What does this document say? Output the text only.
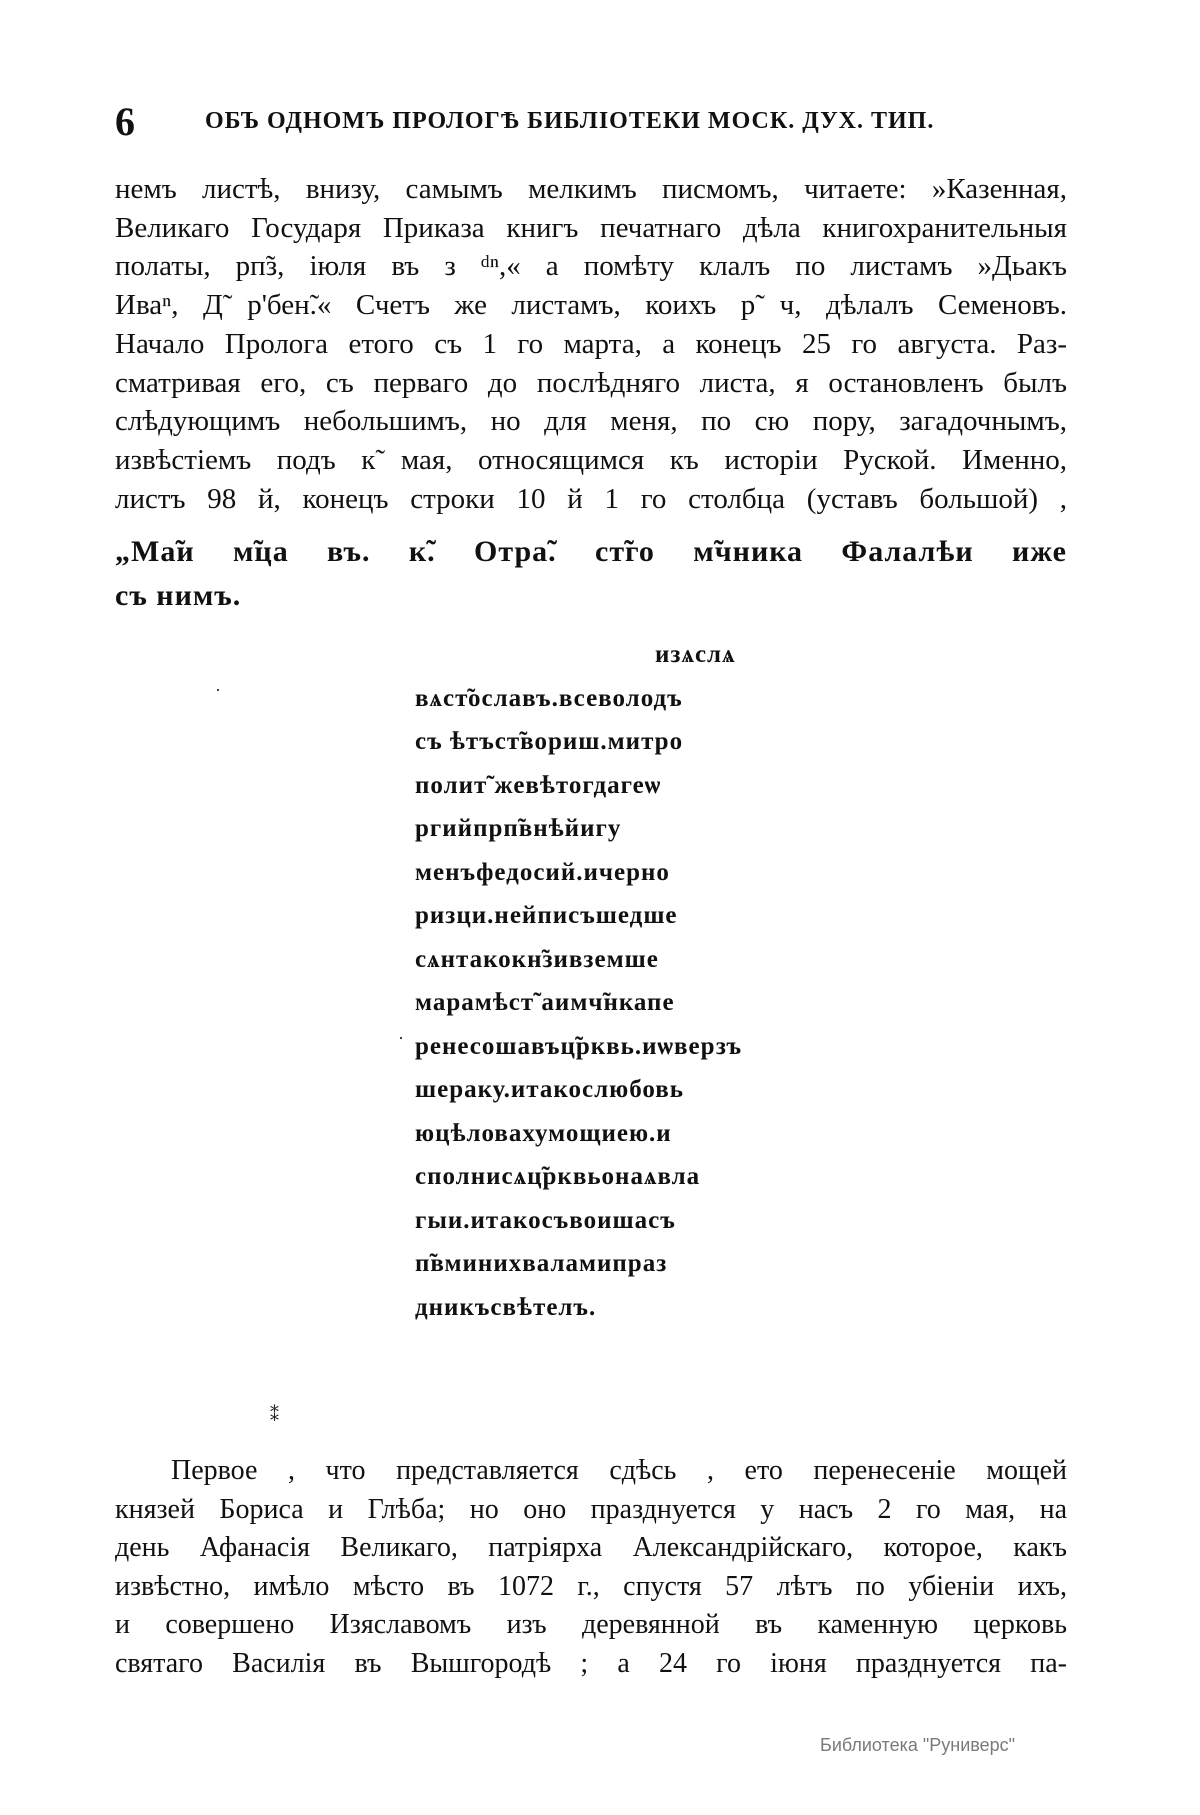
6	ОБЪ ОДНОМЪ ПРОЛОГѢ БИБЛІОТЕКИ МОСК. ДУХ. ТИП.

немъ листѣ, внизу, самымъ мелкимъ писмомъ, читаете: »Казенная,

Великаго Государя Приказа книгъ печатнаго дѣла книгохранительныя

полаты, рп̃з, іюля въ з ᵈⁿ,« а помѣту клалъ по листамъ »Дьакъ

Иваⁿ, Д̃ р'бен̃.« Счетъ же листамъ, коихъ р̃ ч, дѣлалъ Семеновъ.

Начало Пролога етого съ 1 го марта, а конецъ 25 го августа. Раз-

сматривая его, съ перваго до послѣдняго листа, я остановленъ былъ

слѣдующимъ небольшимъ, но для меня, по сю пору, загадочнымъ,

извѣстіемъ подъ к̃ мая, относящимся къ исторіи Руской. Именно,

листъ 98 й, конецъ строки 10 й 1 го столбца (уставъ большой) ,

„Ма̃и м̃ца въ. к̃. Отра̃. ст̃го м̃чника Фалалѣи иже

съ нимъ.

изѧслѧ
вѧст̃ославъ.всеволодъ
съ ѣтъст̃вориш.митро
полит̃ жевѣтогдагеѡ
ргийпрп̃внѣйигу
менъфедосий.ичерно
ризци.нейписъшедше
сѧнтакокн̃зивземше
марамѣст̃ аимч̃нкапе
ренесошавъц̃рквь.иѡверзъ
шераку.итакослюбовь
юцѣловахумощиею.и
сполнисѧц̃рквьонаѧвла
гыи.итакосъвоишасъ
п̃вминихваламипраз
дникъсвѣтелъ.
·
·
⁑

Первое , что представляется сдѣсь , ето перенесеніе мощей

князей Бориса и Глѣба; но оно празднуется у насъ 2 го мая, на

день Афанасія Великаго, патріярха Александрійскаго, которое, какъ

извѣстно, имѣло мѣсто въ 1072 г., спустя 57 лѣтъ по убіеніи ихъ,

и совершено Изяславомъ изъ деревянной въ каменную церковь

святаго Василія въ Вышгородѣ ; а 24 го іюня празднуется па-

Библиотека "Руниверс"
